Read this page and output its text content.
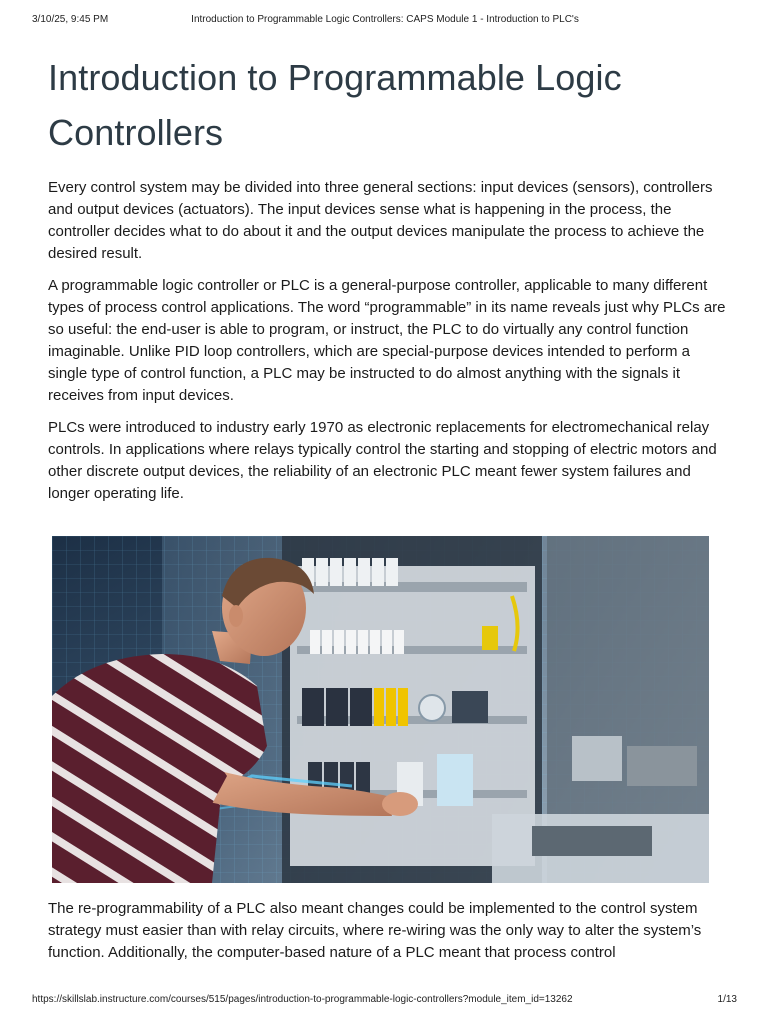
Introduction to Programmable Logic Controllers: CAPS Module 1 - Introduction to PLC's
3/10/25, 9:45 PM
Introduction to Programmable Logic Controllers

Every control system may be divided into three general sections: input devices (sensors), controllers and output devices (actuators). The input devices sense what is happening in the process, the controller decides what to do about it and the output devices manipulate the process to achieve the desired result.

A programmable logic controller or PLC is a general-purpose controller, applicable to many different types of process control applications. The word “programmable” in its name reveals just why PLCs are so useful: the end-user is able to program, or instruct, the PLC to do virtually any control function imaginable. Unlike PID loop controllers, which are special-purpose devices intended to perform a single type of control function, a PLC may be instructed to do almost anything with the signals it receives from input devices.

PLCs were introduced to industry early 1970 as electronic replacements for electromechanical relay controls. In applications where relays typically control the starting and stopping of electric motors and other discrete output devices, the reliability of an electronic PLC meant fewer system failures and longer operating life.

The re-programmability of a PLC also meant changes could be implemented to the control system strategy must easier than with relay circuits, where re-wiring was the only way to alter the system’s function. Additionally, the computer-based nature of a PLC meant that process control

https://skillslab.instructure.com/courses/515/pages/introduction-to-programmable-logic-controllers?module_item_id=13262	1/13
